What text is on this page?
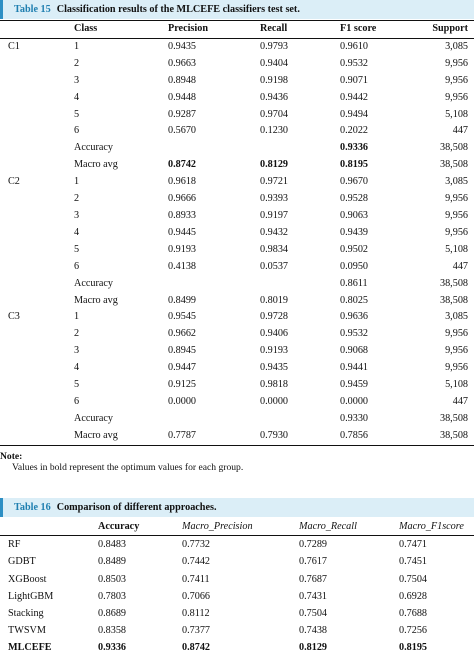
Table 15 Classification results of the MLCEFE classifiers test set.
	Class	Precision	Recall	F1 score	Support
C1	1	0.9435	0.9793	0.9610	3,085
	2	0.9663	0.9404	0.9532	9,956
	3	0.8948	0.9198	0.9071	9,956
	4	0.9448	0.9436	0.9442	9,956
	5	0.9287	0.9704	0.9494	5,108
	6	0.5670	0.1230	0.2022	447
	Accuracy			0.9336	38,508
	Macro avg	0.8742	0.8129	0.8195	38,508
C2	1	0.9618	0.9721	0.9670	3,085
	2	0.9666	0.9393	0.9528	9,956
	3	0.8933	0.9197	0.9063	9,956
	4	0.9445	0.9432	0.9439	9,956
	5	0.9193	0.9834	0.9502	5,108
	6	0.4138	0.0537	0.0950	447
	Accuracy			0.8611	38,508
	Macro avg	0.8499	0.8019	0.8025	38,508
C3	1	0.9545	0.9728	0.9636	3,085
	2	0.9662	0.9406	0.9532	9,956
	3	0.8945	0.9193	0.9068	9,956
	4	0.9447	0.9435	0.9441	9,956
	5	0.9125	0.9818	0.9459	5,108
	6	0.0000	0.0000	0.0000	447
	Accuracy			0.9330	38,508
	Macro avg	0.7787	0.7930	0.7856	38,508
Note:
Values in bold represent the optimum values for each group.
Table 16 Comparison of different approaches.
	Accuracy	Macro_Precision	Macro_Recall	Macro_F1score
RF	0.8483	0.7732	0.7289	0.7471
GDBT	0.8489	0.7442	0.7617	0.7451
XGBoost	0.8503	0.7411	0.7687	0.7504
LightGBM	0.7803	0.7066	0.7431	0.6928
Stacking	0.8689	0.8112	0.7504	0.7688
TWSVM	0.8358	0.7377	0.7438	0.7256
MLCEFE	0.9336	0.8742	0.8129	0.8195
